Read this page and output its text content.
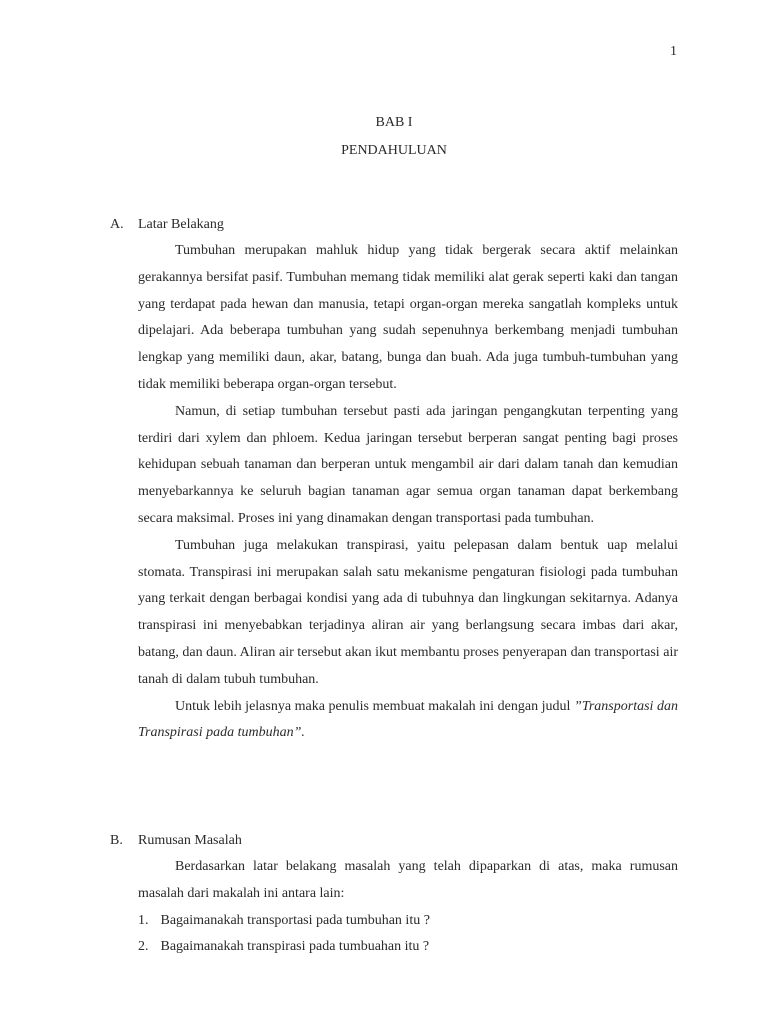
1
BAB I
PENDAHULUAN
A. Latar Belakang

Tumbuhan merupakan mahluk hidup yang tidak bergerak secara aktif melainkan gerakannya bersifat pasif. Tumbuhan memang tidak memiliki alat gerak seperti kaki dan tangan yang terdapat pada hewan dan manusia, tetapi organ-organ mereka sangatlah kompleks untuk dipelajari. Ada beberapa tumbuhan yang sudah sepenuhnya berkembang menjadi tumbuhan lengkap yang memiliki daun, akar, batang, bunga dan buah. Ada juga tumbuh-tumbuhan yang tidak memiliki beberapa organ-organ tersebut.

Namun, di setiap tumbuhan tersebut pasti ada jaringan pengangkutan terpenting yang terdiri dari xylem dan phloem. Kedua jaringan tersebut berperan sangat penting bagi proses kehidupan sebuah tanaman dan berperan untuk mengambil air dari dalam tanah dan kemudian menyebarkannya ke seluruh bagian tanaman agar semua organ tanaman dapat berkembang secara maksimal. Proses ini yang dinamakan dengan transportasi pada tumbuhan.

Tumbuhan juga melakukan transpirasi, yaitu pelepasan dalam bentuk uap melalui stomata. Transpirasi ini merupakan salah satu mekanisme pengaturan fisiologi pada tumbuhan yang terkait dengan berbagai kondisi yang ada di tubuhnya dan lingkungan sekitarnya. Adanya transpirasi ini menyebabkan terjadinya aliran air yang berlangsung secara imbas dari akar, batang, dan daun. Aliran air tersebut akan ikut membantu proses penyerapan dan transportasi air tanah di dalam tubuh tumbuhan.

Untuk lebih jelasnya maka penulis membuat makalah ini dengan judul ”Transportasi dan Transpirasi pada tumbuhan”.

B. Rumusan Masalah

Berdasarkan latar belakang masalah yang telah dipaparkan di atas, maka rumusan masalah dari makalah ini antara lain:

1. Bagaimanakah transportasi pada tumbuhan itu ?
2. Bagaimanakah transpirasi pada tumbuahan itu ?
